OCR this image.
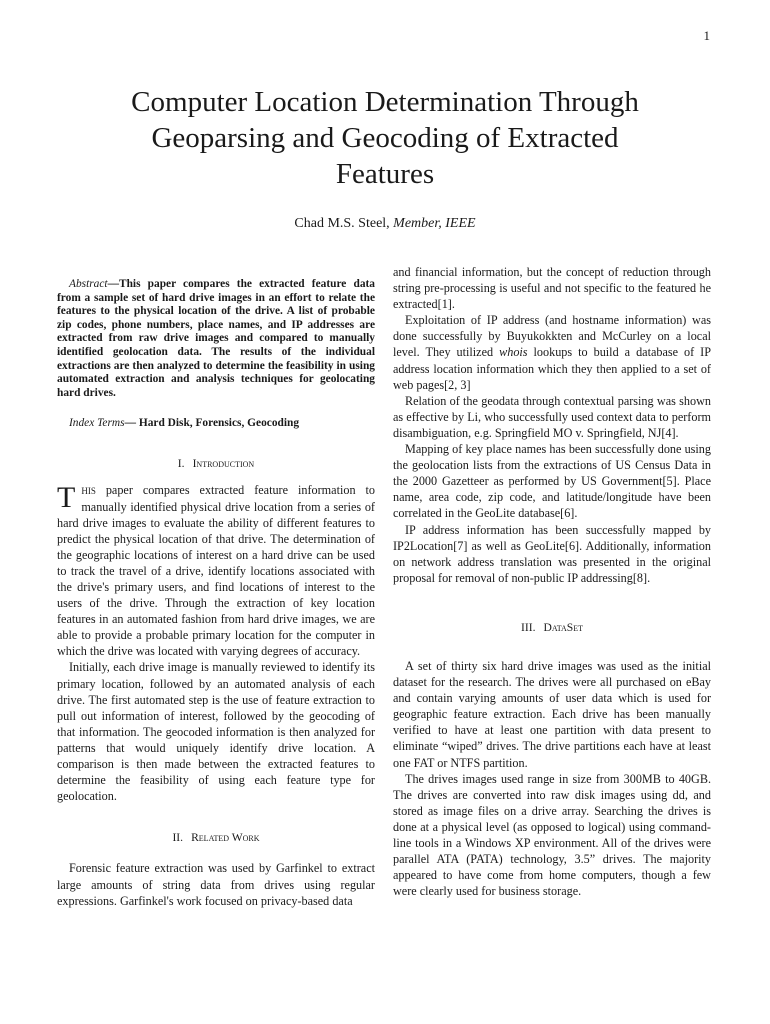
1
Computer Location Determination Through
Geoparsing and Geocoding of Extracted
Features
Chad M.S. Steel, Member, IEEE

Abstract—This paper compares the extracted feature data from a sample set of hard drive images in an effort to relate the features to the physical location of the drive. A list of probable zip codes, phone numbers, place names, and IP addresses are extracted from raw drive images and compared to manually identified geolocation data. The results of the individual extractions are then analyzed to determine the feasibility in using automated extraction and analysis techniques for geolocating hard drives.

Index Terms— Hard Disk, Forensics, Geocoding

I. Introduction

This paper compares extracted feature information to manually identified physical drive location from a series of hard drive images to evaluate the ability of different features to predict the physical location of that drive. The determination of the geographic locations of interest on a hard drive can be used to track the travel of a drive, identify locations associated with the drive's primary users, and find locations of interest to the users of the drive. Through the extraction of key location features in an automated fashion from hard drive images, we are able to provide a probable primary location for the computer in which the drive was located with varying degrees of accuracy.

Initially, each drive image is manually reviewed to identify its primary location, followed by an automated analysis of each drive. The first automated step is the use of feature extraction to pull out information of interest, followed by the geocoding of that information. The geocoded information is then analyzed for patterns that would uniquely identify drive location. A comparison is then made between the extracted features to determine the feasibility of using each feature type for geolocation.

II. Related Work

Forensic feature extraction was used by Garfinkel to extract large amounts of string data from drives using regular expressions. Garfinkel's work focused on privacy-based data

and financial information, but the concept of reduction through string pre-processing is useful and not specific to the featured he extracted[1].

Exploitation of IP address (and hostname information) was done successfully by Buyukokkten and McCurley on a local level. They utilized whois lookups to build a database of IP address location information which they then applied to a set of web pages[2, 3]

Relation of the geodata through contextual parsing was shown as effective by Li, who successfully used context data to perform disambiguation, e.g. Springfield MO v. Springfield, NJ[4].

Mapping of key place names has been successfully done using the geolocation lists from the extractions of US Census Data in the 2000 Gazetteer as performed by US Government[5]. Place name, area code, zip code, and latitude/longitude have been correlated in the GeoLite database[6].

IP address information has been successfully mapped by IP2Location[7] as well as GeoLite[6]. Additionally, information on network address translation was presented in the original proposal for removal of non-public IP addressing[8].

III. DataSet

A set of thirty six hard drive images was used as the initial dataset for the research. The drives were all purchased on eBay and contain varying amounts of user data which is used for geographic feature extraction. Each drive has been manually verified to have at least one partition with data present to eliminate “wiped” drives. The drive partitions each have at least one FAT or NTFS partition.

The drives images used range in size from 300MB to 40GB. The drives are converted into raw disk images using dd, and stored as image files on a drive array. Searching the drives is done at a physical level (as opposed to logical) using command-line tools in a Windows XP environment. All of the drives were parallel ATA (PATA) technology, 3.5” drives. The majority appeared to have come from home computers, though a few were clearly used for business storage.
